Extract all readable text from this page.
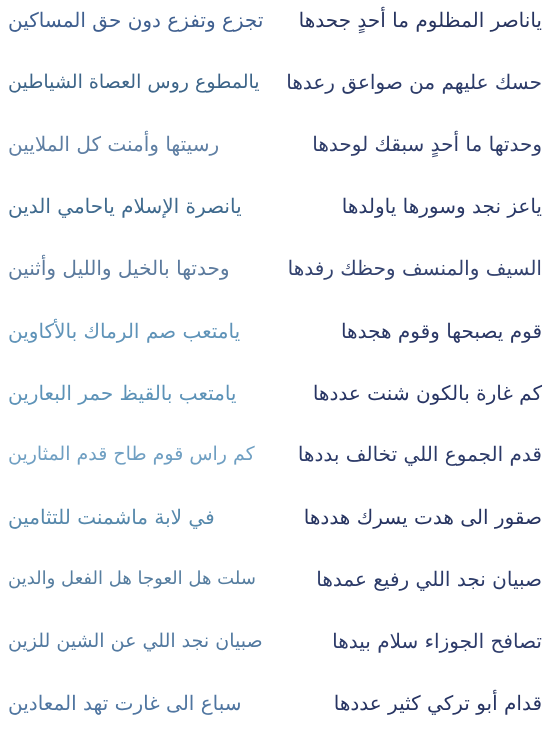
ياناصر المظلوم ما أحدٍ جحدها
تجزع وتفزع دون حق المساكين
حسك عليهم من صواعق رعدها
يالمطوع روس العصاة الشياطين
وحدتها ما أحدٍ سبقك لوحدها
رسيتها وأمنت كل الملايين
ياعز نجد وسورها ياولدها
يانصرة الإسلام ياحامي الدين
السيف والمنسف وحظك رفدها
وحدتها بالخيل والليل وأثنين
قوم يصبحها وقوم هجدها
يامتعب صم الرماك بالأكاوين
كم غارة بالكون شنت عددها
يامتعب بالقيظ حمر البعارين
قدم الجموع اللي تخالف بددها
كم راس قوم طاح قدم المثارين
صقور الى هدت يسرك هددها
في لابة ماشمنت للتثامين
صبيان نجد اللي رفيع عمدها
سلت هل العوجا هل الفعل والدين
تصافح الجوزاء سلام بيدها
صبيان نجد اللي عن الشين للزين
قدام أبو تركي كثير عددها
سباع الى غارت تهد المعادين
